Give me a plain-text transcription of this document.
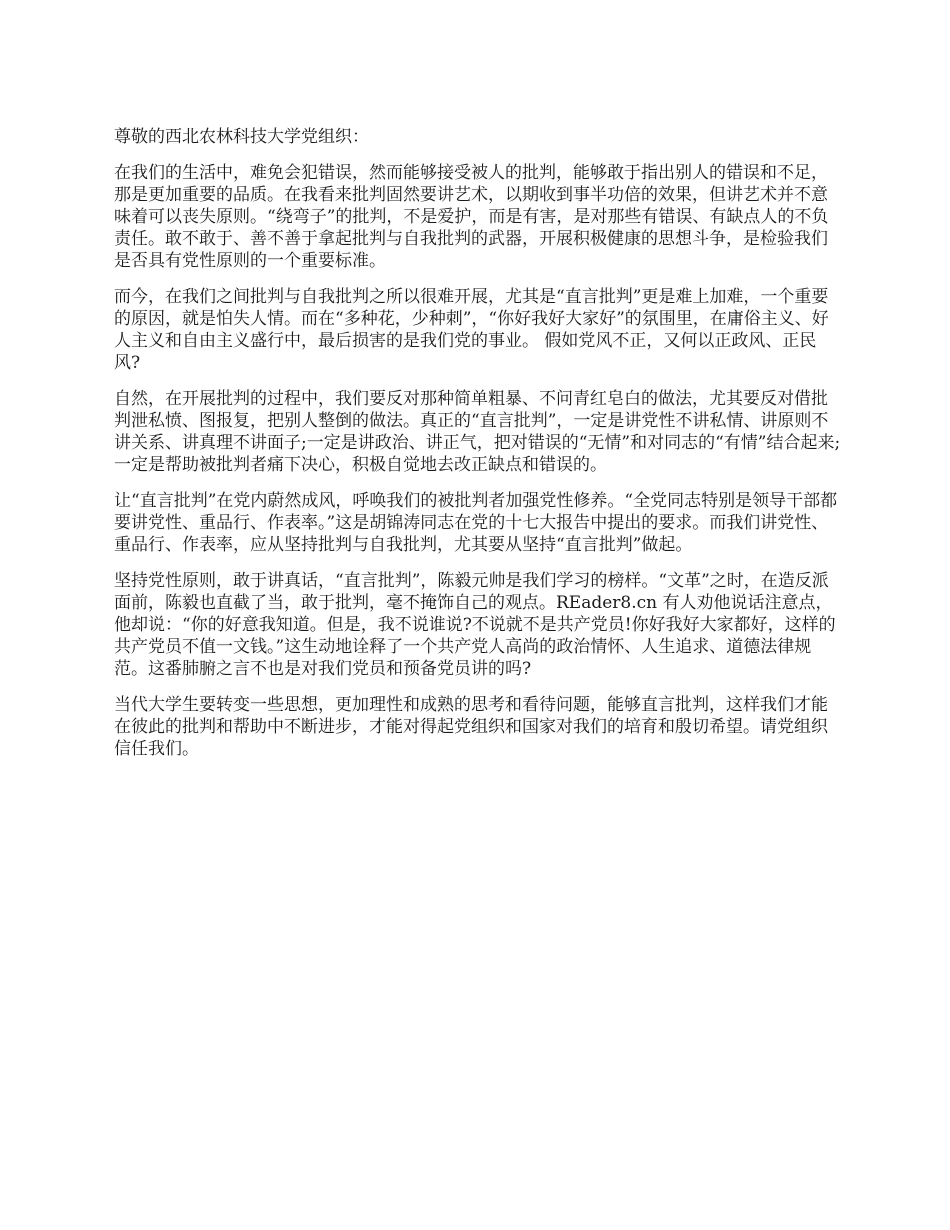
尊敬的西北农林科技大学党组织：

在我们的生活中，难免会犯错误，然而能够接受被人的批判，能够敢于指出别人的错误和不足，那是更加重要的品质。在我看来批判固然要讲艺术，以期收到事半功倍的效果，但讲艺术并不意味着可以丧失原则。“绕弯子”的批判，不是爱护，而是有害，是对那些有错误、有缺点人的不负责任。敢不敢于、善不善于拿起批判与自我批判的武器，开展积极健康的思想斗争，是检验我们是否具有党性原则的一个重要标准。

而今，在我们之间批判与自我批判之所以很难开展，尤其是“直言批判”更是难上加难，一个重要的原因，就是怕失人情。而在“多种花，少种刺”，“你好我好大家好”的氛围里，在庸俗主义、好人主义和自由主义盛行中，最后损害的是我们党的事业。 假如党风不正，又何以正政风、正民风?

自然，在开展批判的过程中，我们要反对那种简单粗暴、不问青红皂白的做法，尤其要反对借批判泄私愤、图报复，把别人整倒的做法。真正的“直言批判”，一定是讲党性不讲私情、讲原则不讲关系、讲真理不讲面子;一定是讲政治、讲正气，把对错误的“无情”和对同志的“有情”结合起来;一定是帮助被批判者痛下决心，积极自觉地去改正缺点和错误的。

让“直言批判”在党内蔚然成风，呼唤我们的被批判者加强党性修养。“全党同志特别是领导干部都要讲党性、重品行、作表率。”这是胡锦涛同志在党的十七大报告中提出的要求。而我们讲党性、重品行、作表率，应从坚持批判与自我批判，尤其要从坚持“直言批判”做起。

坚持党性原则，敢于讲真话，“直言批判”，陈毅元帅是我们学习的榜样。“文革”之时，在造反派面前，陈毅也直截了当，敢于批判，毫不掩饰自己的观点。REader8.cn 有人劝他说话注意点，他却说：“你的好意我知道。但是，我不说谁说?不说就不是共产党员!你好我好大家都好，这样的共产党员不值一文钱。”这生动地诠释了一个共产党人高尚的政治情怀、人生追求、道德法律规范。这番肺腑之言不也是对我们党员和预备党员讲的吗?

当代大学生要转变一些思想，更加理性和成熟的思考和看待问题，能够直言批判，这样我们才能在彼此的批判和帮助中不断进步，才能对得起党组织和国家对我们的培育和殷切希望。请党组织信任我们。
